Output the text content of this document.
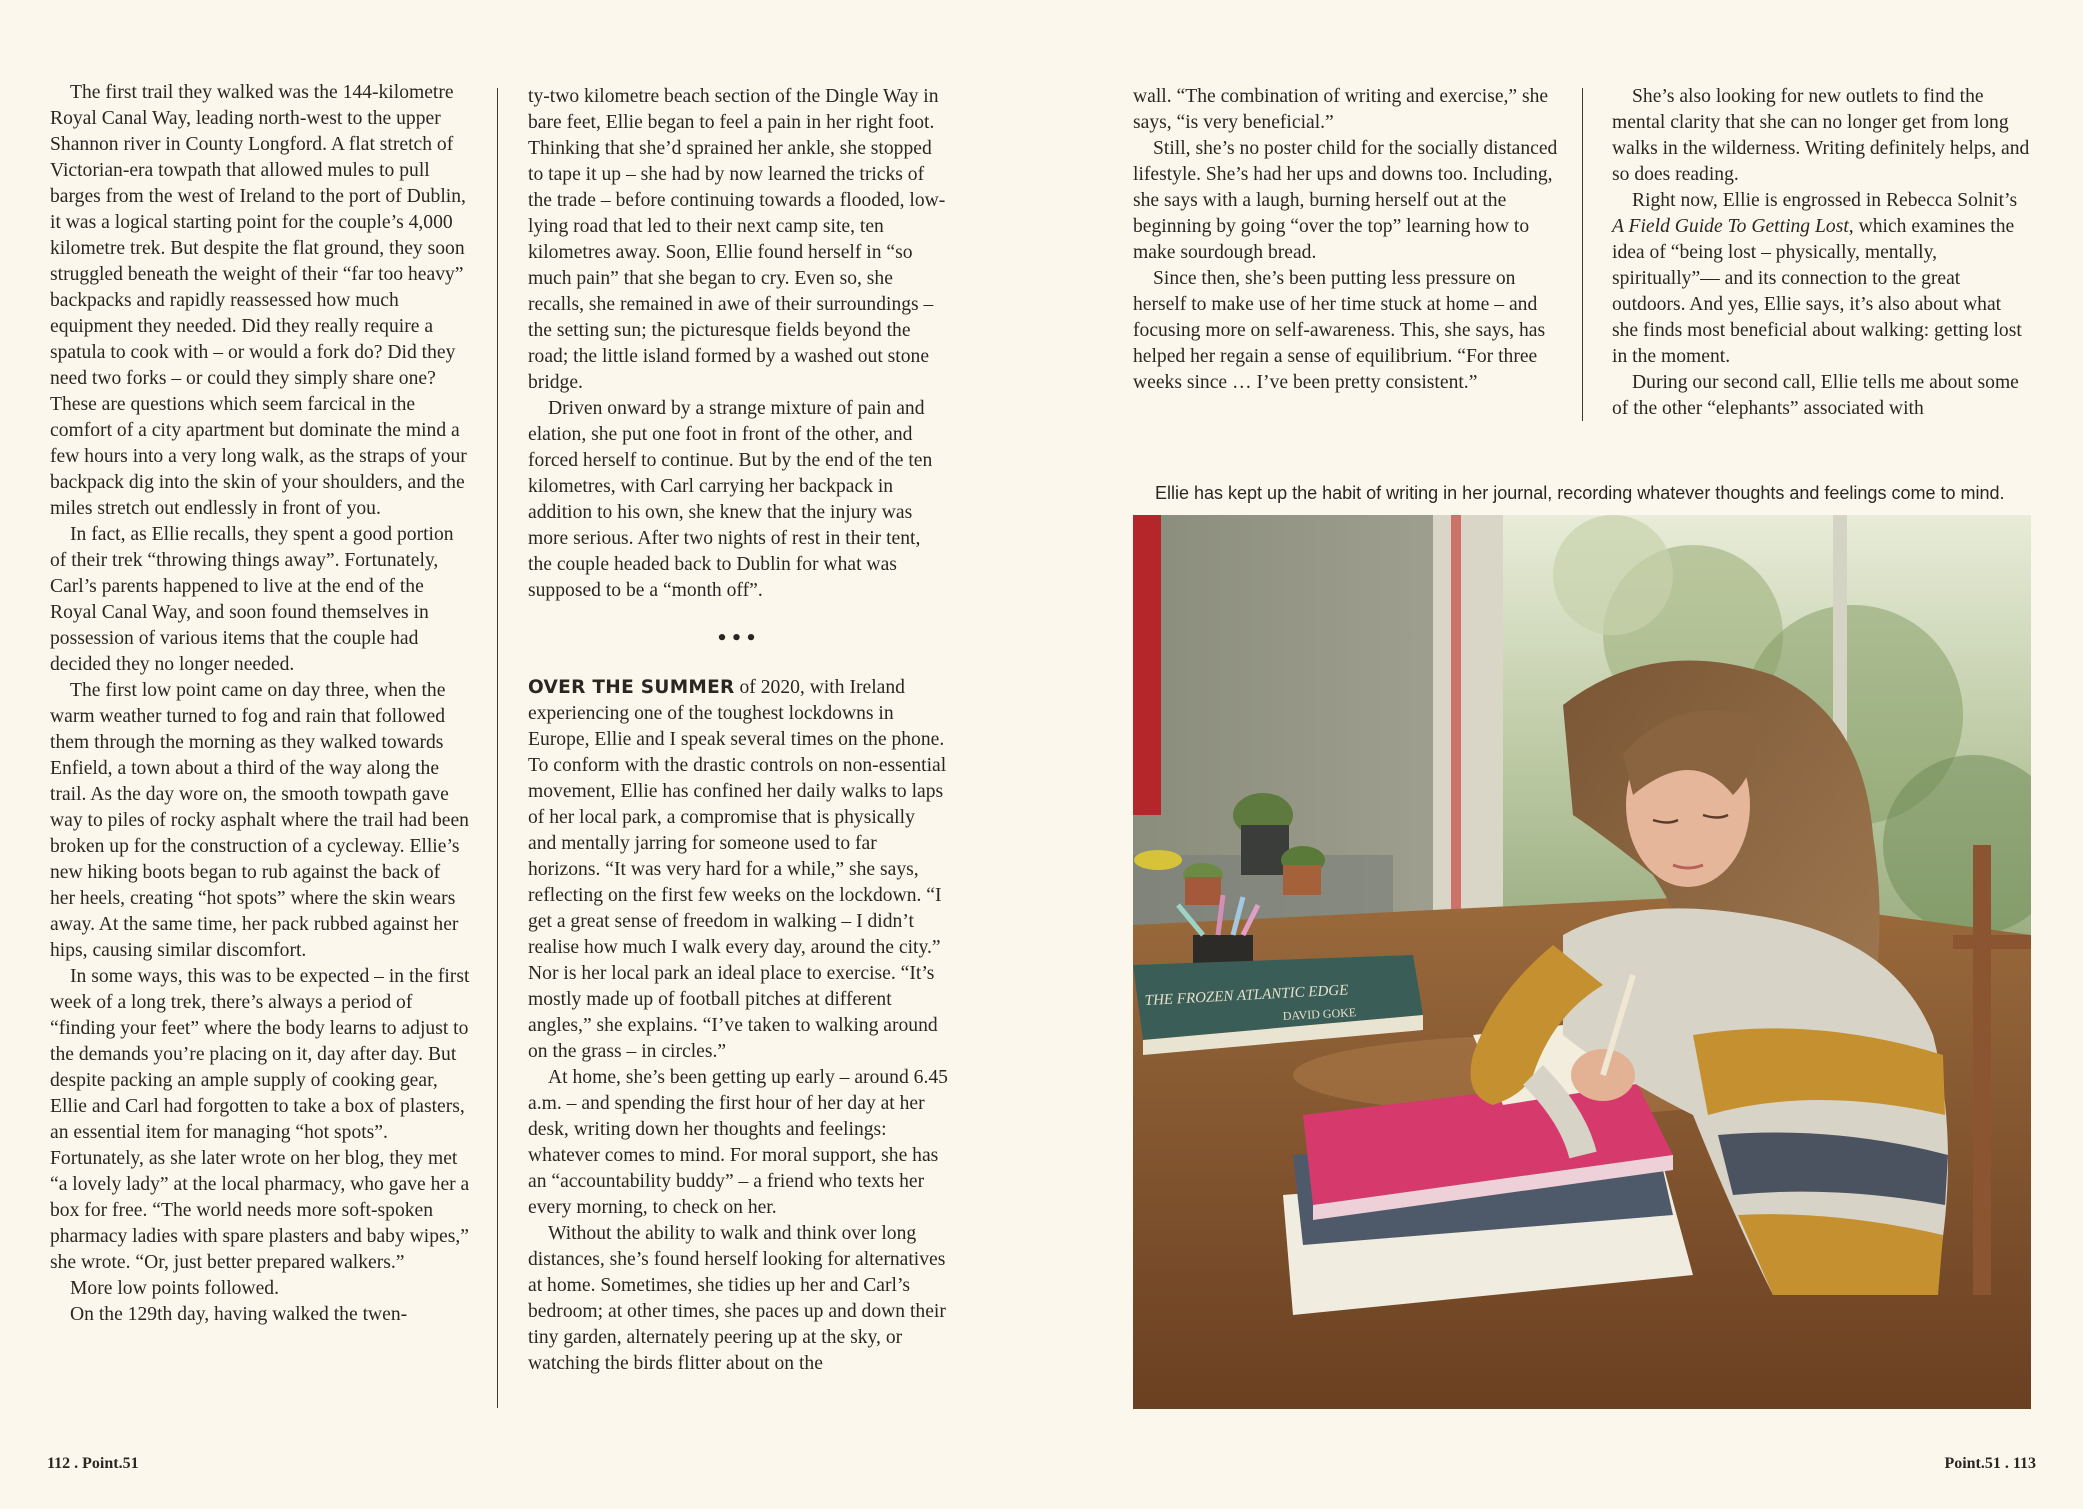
The first trail they walked was the 144-kilometre Royal Canal Way, leading north-west to the upper Shannon river in County Longford. A flat stretch of Victorian-era towpath that allowed mules to pull barges from the west of Ireland to the port of Dublin, it was a logical starting point for the couple’s 4,000 kilometre trek. But despite the flat ground, they soon struggled beneath the weight of their “far too heavy” backpacks and rapidly reassessed how much equipment they needed. Did they really require a spatula to cook with – or would a fork do? Did they need two forks – or could they simply share one? These are questions which seem farcical in the comfort of a city apartment but dominate the mind a few hours into a very long walk, as the straps of your backpack dig into the skin of your shoulders, and the miles stretch out endlessly in front of you.

In fact, as Ellie recalls, they spent a good portion of their trek “throwing things away”. Fortunately, Carl’s parents happened to live at the end of the Royal Canal Way, and soon found themselves in possession of various items that the couple had decided they no longer needed.

The first low point came on day three, when the warm weather turned to fog and rain that followed them through the morning as they walked towards Enfield, a town about a third of the way along the trail. As the day wore on, the smooth towpath gave way to piles of rocky asphalt where the trail had been broken up for the construction of a cycleway. Ellie’s new hiking boots began to rub against the back of her heels, creating “hot spots” where the skin wears away. At the same time, her pack rubbed against her hips, causing similar discomfort.

In some ways, this was to be expected – in the first week of a long trek, there’s always a period of “finding your feet” where the body learns to adjust to the demands you’re placing on it, day after day. But despite packing an ample supply of cooking gear, Ellie and Carl had forgotten to take a box of plasters, an essential item for managing “hot spots”. Fortunately, as she later wrote on her blog, they met “a lovely lady” at the local pharmacy, who gave her a box for free. “The world needs more soft-spoken pharmacy ladies with spare plasters and baby wipes,” she wrote. “Or, just better prepared walkers.”

More low points followed.

On the 129th day, having walked the twen-

ty-two kilometre beach section of the Dingle Way in bare feet, Ellie began to feel a pain in her right foot. Thinking that she’d sprained her ankle, she stopped to tape it up – she had by now learned the tricks of the trade – before continuing towards a flooded, low-lying road that led to their next camp site, ten kilometres away. Soon, Ellie found herself in “so much pain” that she began to cry. Even so, she recalls, she remained in awe of their surroundings – the setting sun; the picturesque fields beyond the road; the little island formed by a washed out stone bridge.

Driven onward by a strange mixture of pain and elation, she put one foot in front of the other, and forced herself to continue. But by the end of the ten kilometres, with Carl carrying her backpack in addition to his own, she knew that the injury was more serious. After two nights of rest in their tent, the couple headed back to Dublin for what was supposed to be a “month off”.

•••

OVER THE SUMMER of 2020, with Ireland experiencing one of the toughest lockdowns in Europe, Ellie and I speak several times on the phone. To conform with the drastic controls on non-essential movement, Ellie has confined her daily walks to laps of her local park, a compromise that is physically and mentally jarring for someone used to far horizons. “It was very hard for a while,” she says, reflecting on the first few weeks on the lockdown. “I get a great sense of freedom in walking – I didn’t realise how much I walk every day, around the city.” Nor is her local park an ideal place to exercise. “It’s mostly made up of football pitches at different angles,” she explains. “I’ve taken to walking around on the grass – in circles.”

At home, she’s been getting up early – around 6.45 a.m. – and spending the first hour of her day at her desk, writing down her thoughts and feelings: whatever comes to mind. For moral support, she has an “accountability buddy” – a friend who texts her every morning, to check on her.

Without the ability to walk and think over long distances, she’s found herself looking for alternatives at home. Sometimes, she tidies up her and Carl’s bedroom; at other times, she paces up and down their tiny garden, alternately peering up at the sky, or watching the birds flitter about on the

112 . Point.51

wall. “The combination of writing and exercise,” she says, “is very beneficial.”

Still, she’s no poster child for the socially distanced lifestyle. She’s had her ups and downs too. Including, she says with a laugh, burning herself out at the beginning by going “over the top” learning how to make sourdough bread.

Since then, she’s been putting less pressure on herself to make use of her time stuck at home – and focusing more on self-awareness. This, she says, has helped her regain a sense of equilibrium. “For three weeks since … I’ve been pretty consistent.”

She’s also looking for new outlets to find the mental clarity that she can no longer get from long walks in the wilderness. Writing definitely helps, and so does reading.

Right now, Ellie is engrossed in Rebecca Solnit’s A Field Guide To Getting Lost, which examines the idea of “being lost – physically, mentally, spiritually”— and its connection to the great outdoors. And yes, Ellie says, it’s also about what she finds most beneficial about walking: getting lost in the moment.

During our second call, Ellie tells me about some of the other “elephants” associated with

Ellie has kept up the habit of writing in her journal, recording whatever thoughts and feelings come to mind.
THE FROZEN ATLANTIC EDGE
DAVID GOKE
Point.51 . 113
